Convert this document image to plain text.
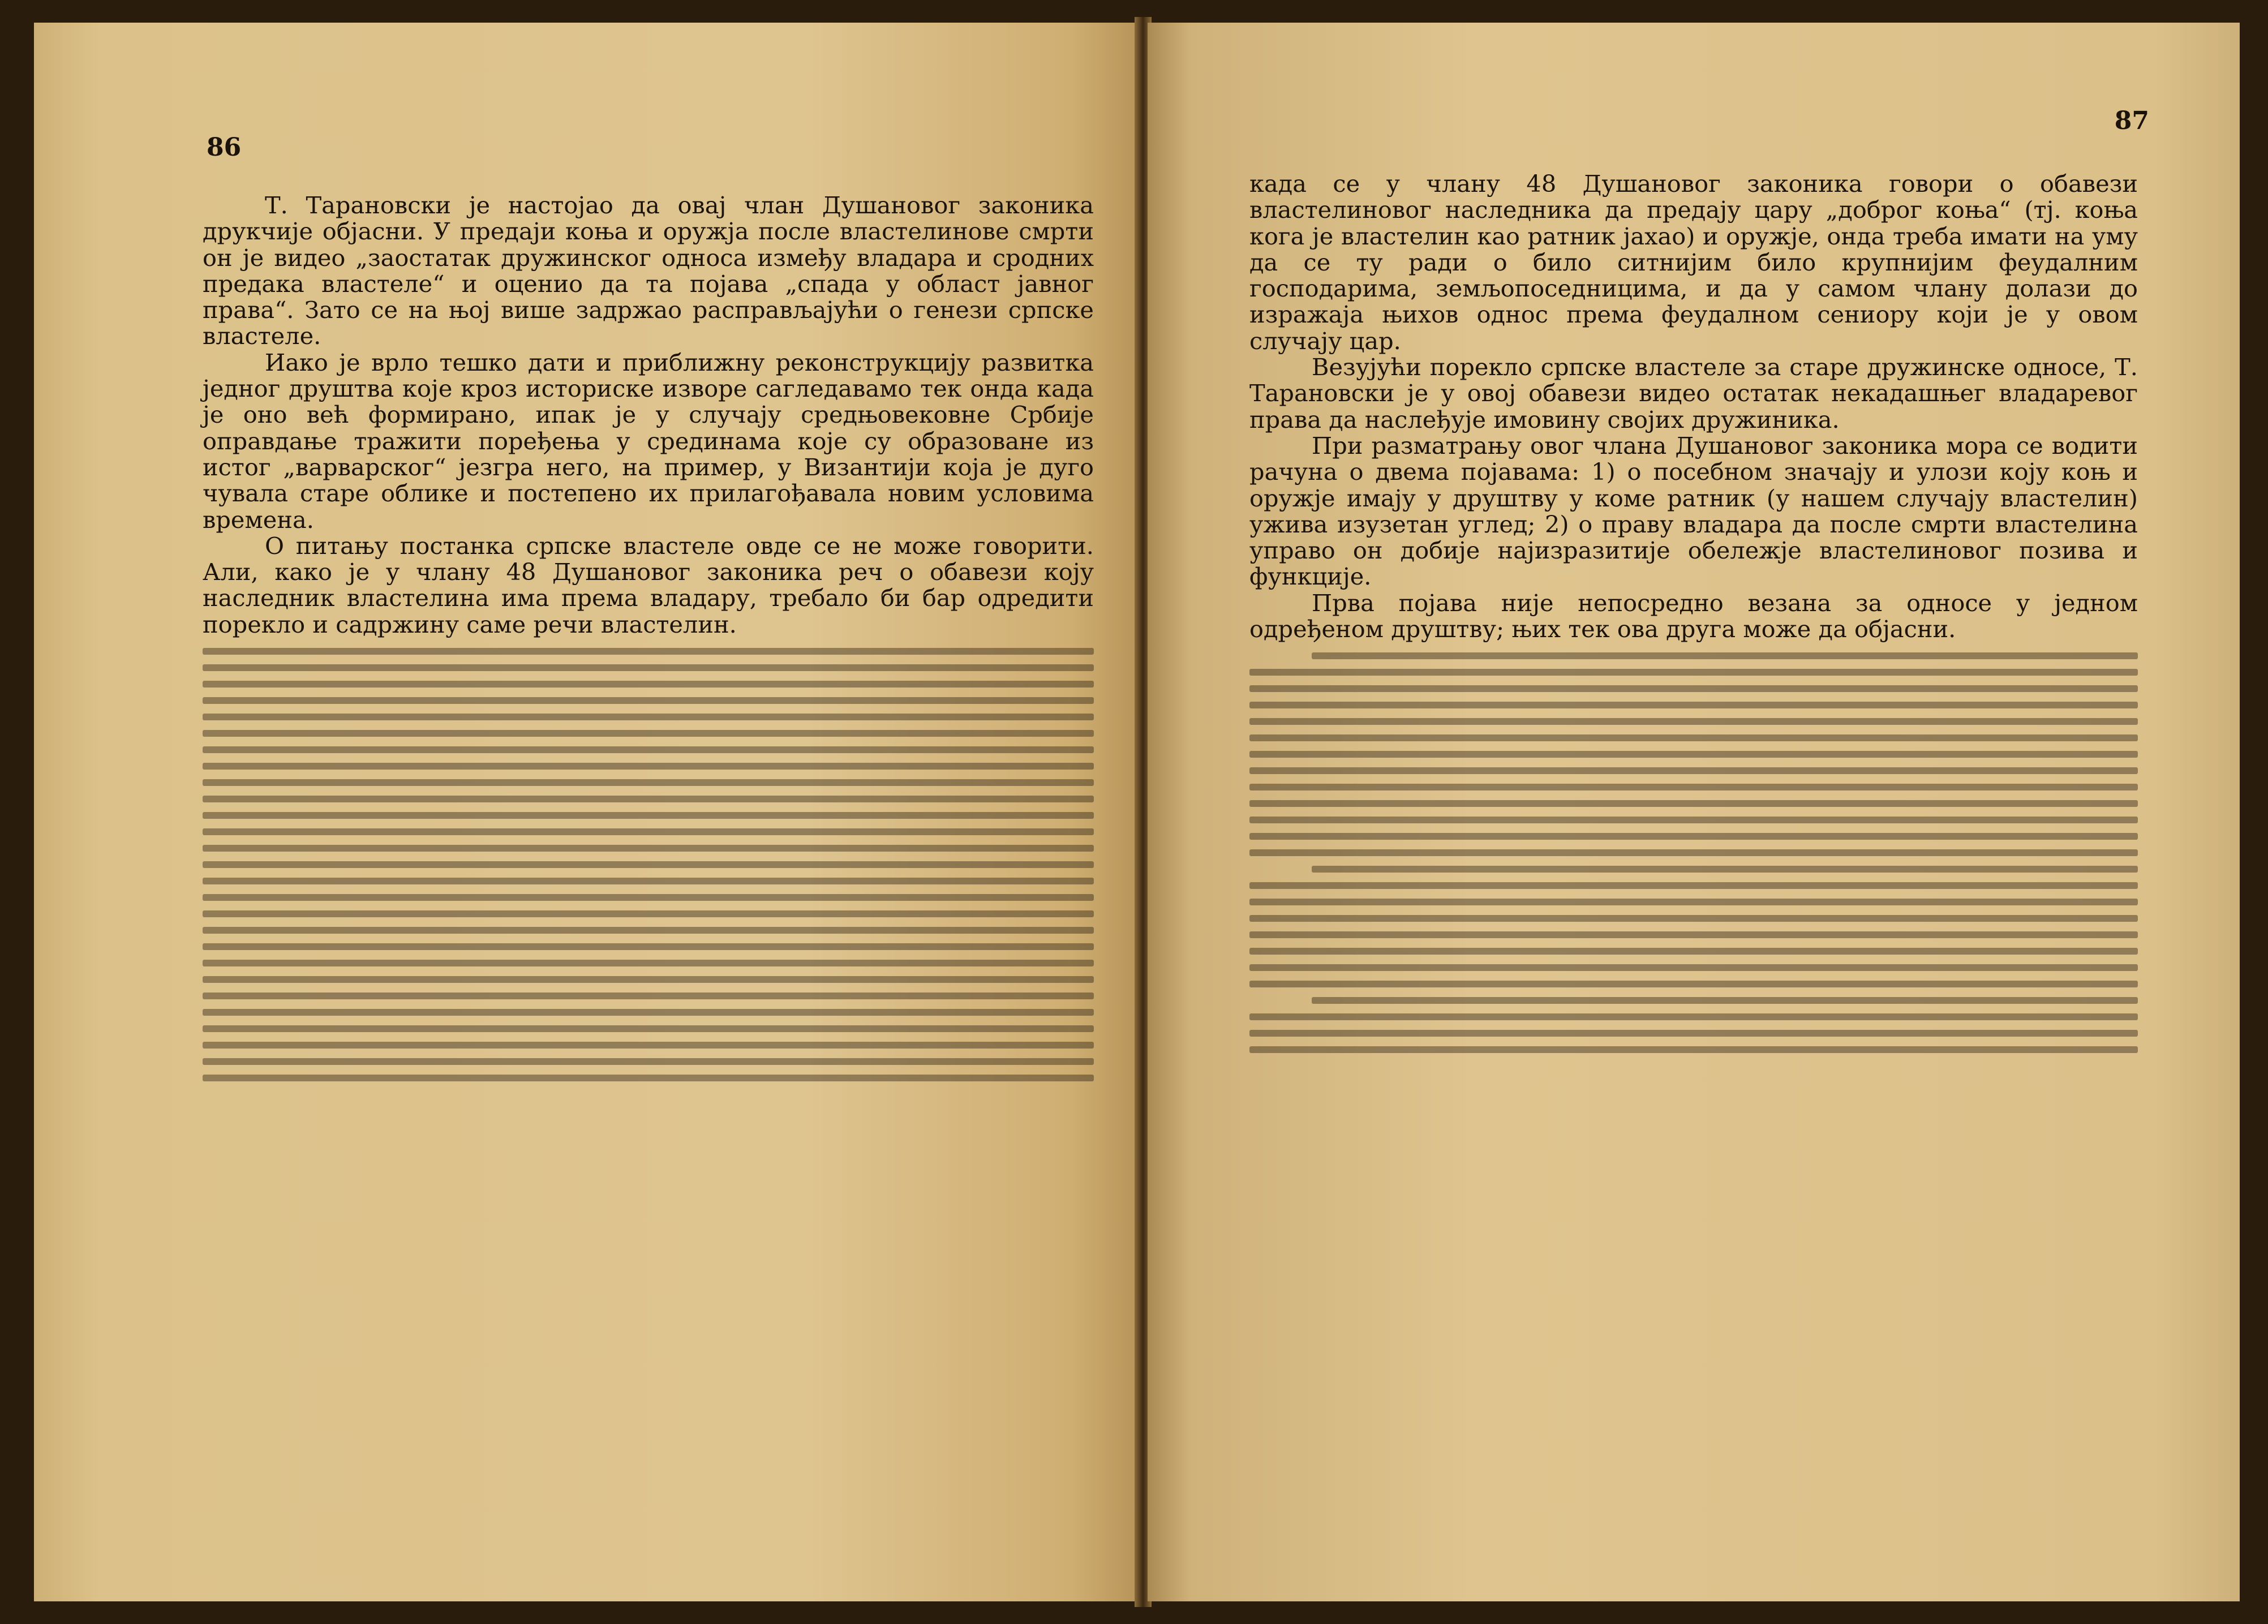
86

Т. Тарановски је настојао да овај члан Душановог законика друкчије објасни. У предаји коња и оружја после властелинове смрти он је видео „заостатак дружинског односа између владара и сродних предака властеле“ и оценио да та појава „спада у област јавног права“. Зато се на њој више задржао расправљајући о генези српске властеле.

Иако је врло тешко дати и приближну реконструкцију развитка једног друштва које кроз историске изворе сагледавамо тек онда када је оно већ формирано, ипак је у случају средњовековне Србије оправдање тражити поређења у срединама које су образоване из истог „варварског“ језгра него, на пример, у Византији која је дуго чувала старе облике и постепено их прилагођавала новим условима времена.

О питању постанка српске властеле овде се не може говорити. Али, како је у члану 48 Душановог законика реч о обавези коју наследник властелина има према владару, требало би бар одредити порекло и садржину саме речи властелин.

87

када се у члану 48 Душановог законика говори о обавези властелиновог наследника да предају цару „доброг коња“ (тј. коња кога је властелин као ратник јахао) и оружје, онда треба имати на уму да се ту ради о било ситнијим било крупнијим феудалним господарима, земљопоседницима, и да у самом члану долази до изражаја њихов однос према феудалном сениору који је у овом случају цар.

Везујући порекло српске властеле за старе дружинске односе, Т. Тарановски је у овој обавези видео остатак некадашњег владаревог права да наслеђује имовину својих дружиника.

При разматрању овог члана Душановог законика мора се водити рачуна о двема појавама: 1) о посебном значају и улози коју коњ и оружје имају у друштву у коме ратник (у нашем случају властелин) ужива изузетан углед; 2) о праву владара да после смрти властелина управо он добије најизразитије обележје властелиновог позива и функције.

Прва појава није непосредно везана за односе у једном одређеном друштву; њих тек ова друга може да објасни.
